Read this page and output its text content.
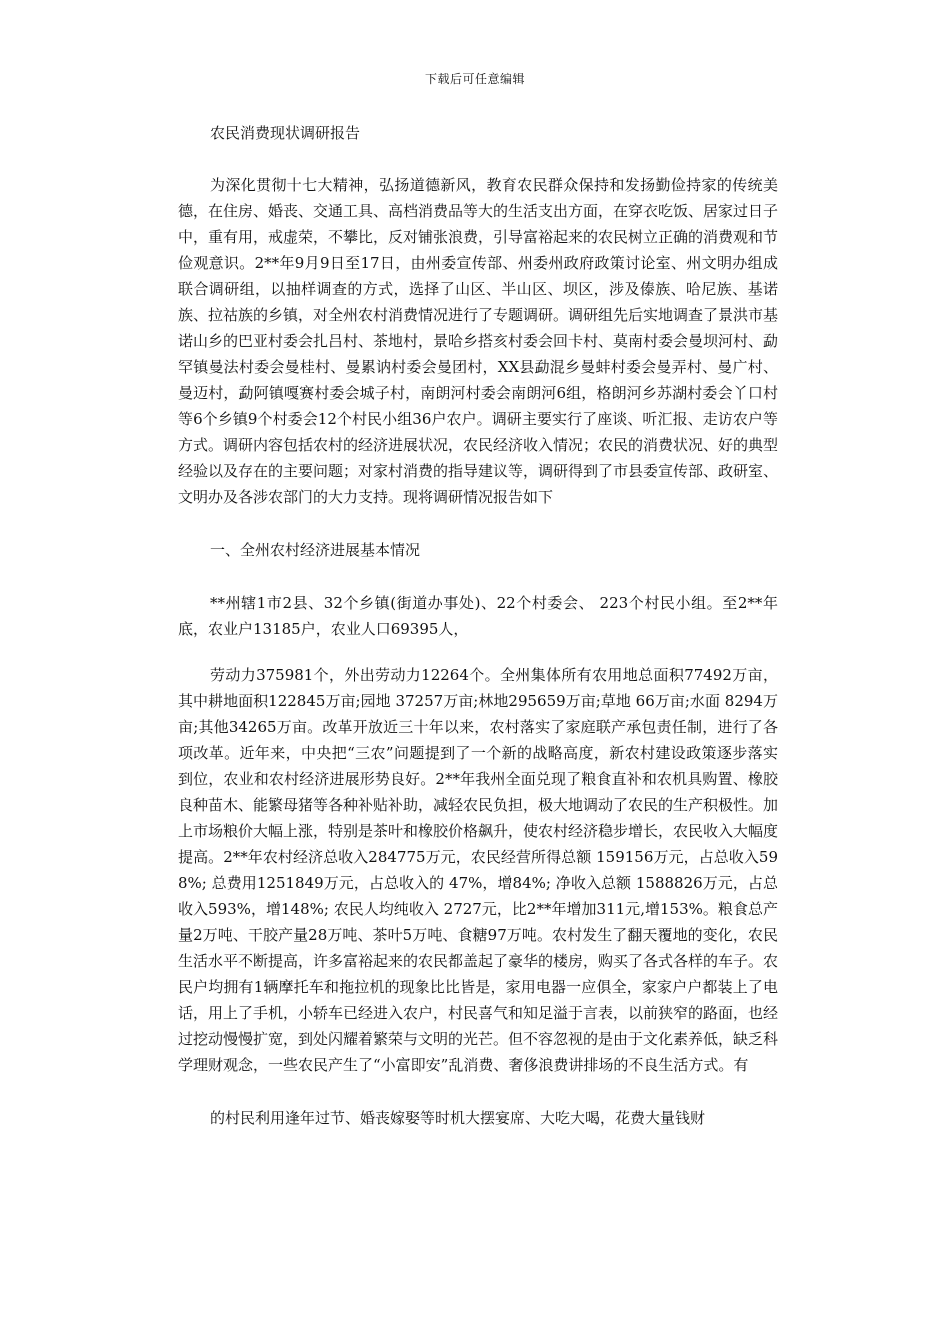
下载后可任意编辑
农民消费现状调研报告

为深化贯彻十七大精神，弘扬道德新风，教育农民群众保持和发扬勤俭持家的传统美德，在住房、婚丧、交通工具、高档消费品等大的生活支出方面，在穿衣吃饭、居家过日子中，重有用，戒虚荣，不攀比，反对铺张浪费，引导富裕起来的农民树立正确的消费观和节俭观意识。2**年9月9日至17日，由州委宣传部、州委州政府政策讨论室、州文明办组成联合调研组，以抽样调查的方式，选择了山区、半山区、坝区，涉及傣族、哈尼族、基诺族、拉祜族的乡镇，对全州农村消费情况进行了专题调研。调研组先后实地调查了景洪市基诺山乡的巴亚村委会扎吕村、茶地村，景哈乡搭亥村委会回卡村、莫南村委会曼坝河村、勐罕镇曼法村委会曼桂村、曼累讷村委会曼团村，XX县勐混乡曼蚌村委会曼弄村、曼广村、曼迈村，勐阿镇嘎赛村委会城子村，南朗河村委会南朗河6组，格朗河乡苏湖村委会丫口村等6个乡镇9个村委会12个村民小组36户农户。调研主要实行了座谈、听汇报、走访农户等方式。调研内容包括农村的经济进展状况，农民经济收入情况；农民的消费状况、好的典型经验以及存在的主要问题；对家村消费的指导建议等，调研得到了市县委宣传部、政研室、文明办及各涉农部门的大力支持。现将调研情况报告如下

一、全州农村经济进展基本情况

**州辖1市2县、32个乡镇(街道办事处)、22个村委会、 223个村民小组。至2**年底，农业户13185户，农业人口69395人，

劳动力375981个，外出劳动力12264个。全州集体所有农用地总面积77492万亩，其中耕地面积122845万亩;园地 37257万亩;林地295659万亩;草地 66万亩;水面 8294万亩;其他34265万亩。改革开放近三十年以来，农村落实了家庭联产承包责任制，进行了各项改革。近年来，中央把“三农”问题提到了一个新的战略高度，新农村建设政策逐步落实到位，农业和农村经济进展形势良好。2**年我州全面兑现了粮食直补和农机具购置、橡胶良种苗木、能繁母猪等各种补贴补助，减轻农民负担，极大地调动了农民的生产积极性。加上市场粮价大幅上涨，特别是茶叶和橡胶价格飙升，使农村经济稳步增长，农民收入大幅度提高。2**年农村经济总收入284775万元，农民经营所得总额 159156万元，占总收入598%; 总费用1251849万元，占总收入的 47%，增84%; 净收入总额 1588826万元，占总收入593%，增148%; 农民人均纯收入 2727元，比2**年增加311元,增153%。粮食总产量2万吨、干胶产量28万吨、茶叶5万吨、食糖97万吨。农村发生了翻天覆地的变化，农民生活水平不断提高，许多富裕起来的农民都盖起了豪华的楼房，购买了各式各样的车子。农民户均拥有1辆摩托车和拖拉机的现象比比皆是，家用电器一应俱全，家家户户都装上了电话，用上了手机，小轿车已经进入农户，村民喜气和知足溢于言表，以前狭窄的路面，也经过挖动慢慢扩宽，到处闪耀着繁荣与文明的光芒。但不容忽视的是由于文化素养低，缺乏科学理财观念，一些农民产生了“小富即安”乱消费、奢侈浪费讲排场的不良生活方式。有

的村民利用逢年过节、婚丧嫁娶等时机大摆宴席、大吃大喝，花费大量钱财
